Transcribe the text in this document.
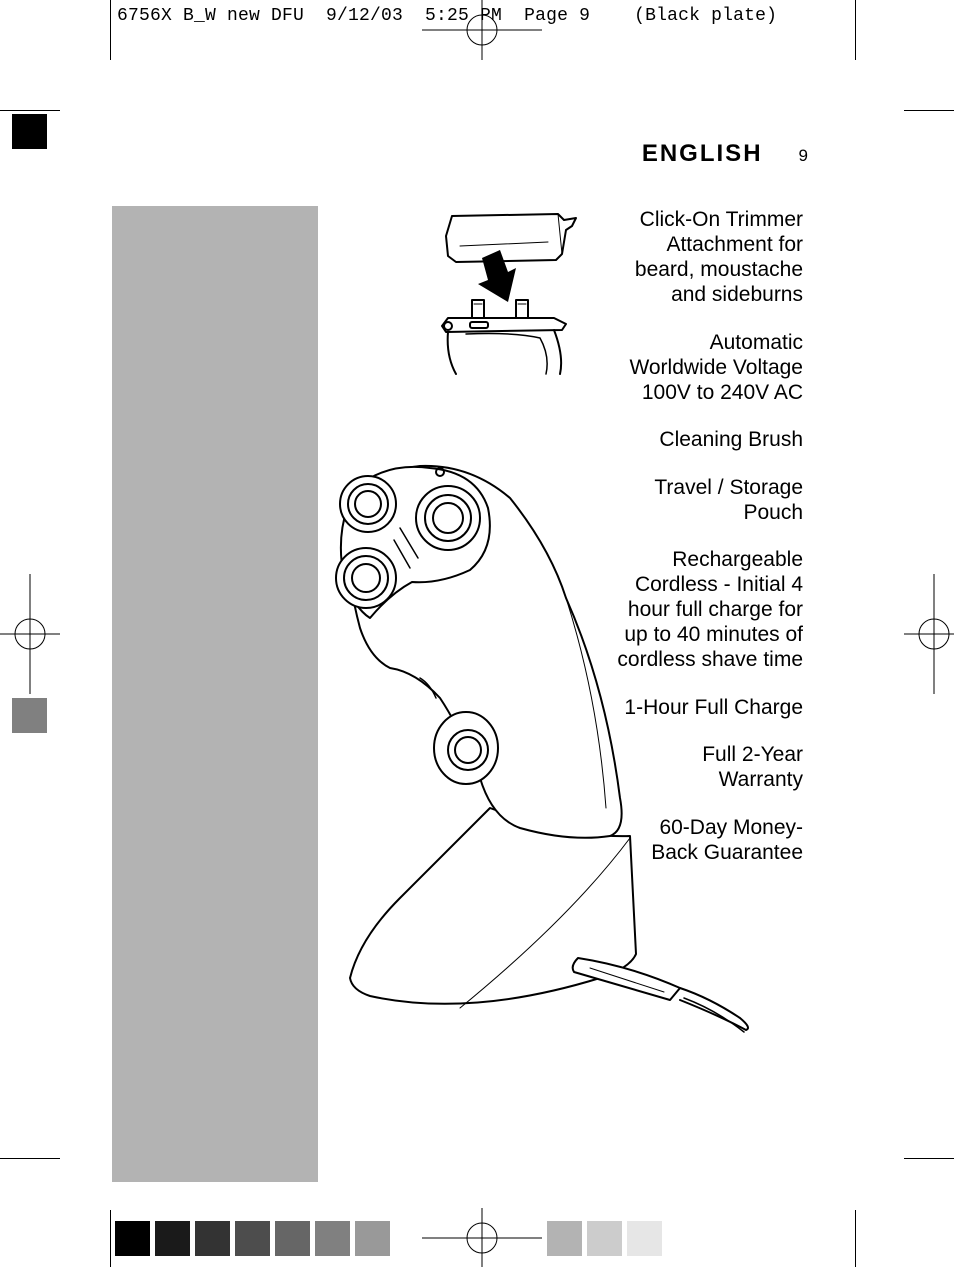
6756X B_W new DFU  9/12/03  5:25 PM  Page 9    (Black plate)
ENGLISH 9
Click-On Trimmer
Attachment for
beard, moustache
and sideburns
Automatic
Worldwide Voltage
100V to 240V AC
Cleaning Brush
Travel / Storage
Pouch
Rechargeable
Cordless - Initial 4
hour full charge for
up to 40 minutes of
cordless shave time
1-Hour Full Charge
Full 2-Year
Warranty
60-Day Money-
Back Guarantee
